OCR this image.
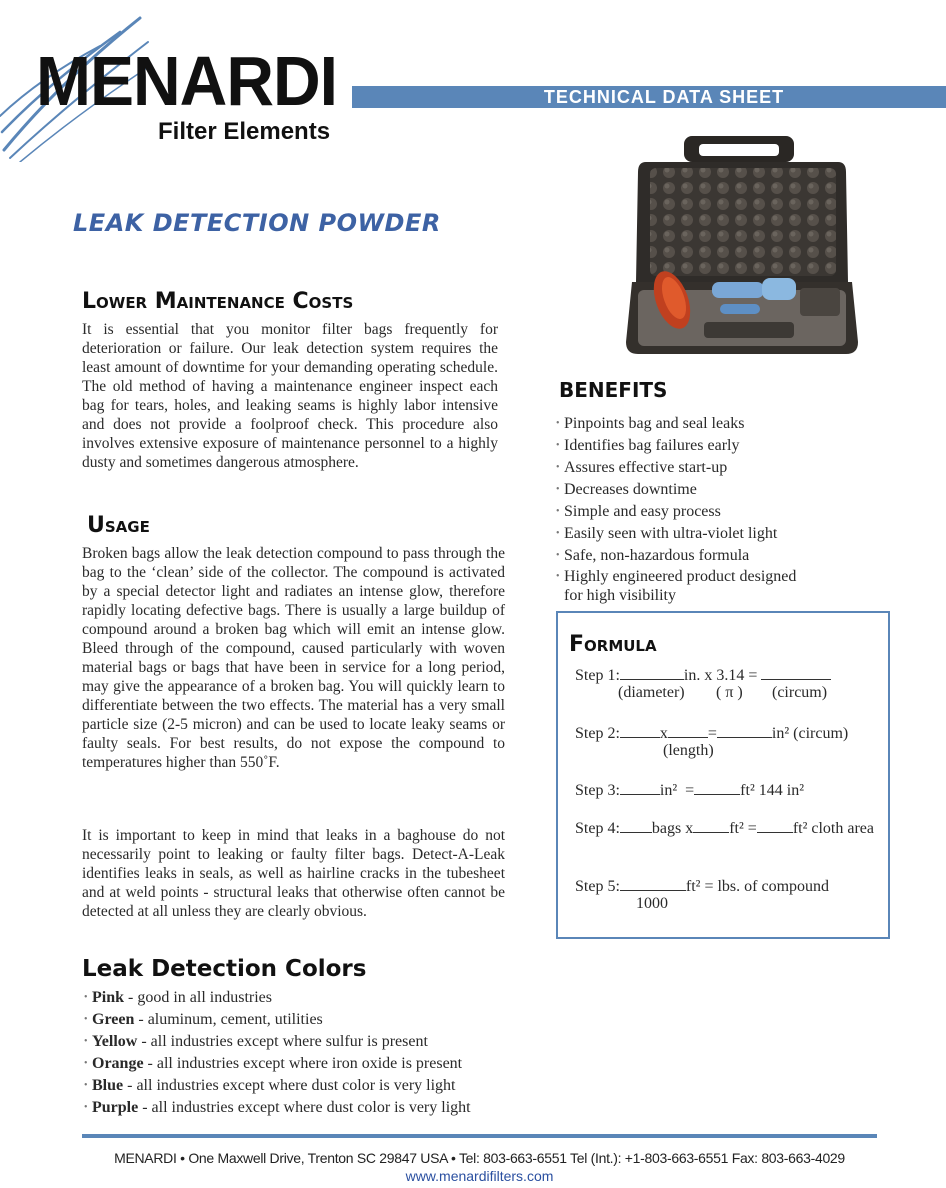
MENARDI
Filter Elements
TECHNICAL DATA SHEET
LEAK DETECTION POWDER
Lower Maintenance Costs
It is essential that you monitor filter bags frequently for deterioration or failure. Our leak detection system requires the least amount of downtime for your demanding operating schedule. The old method of having a maintenance engineer inspect each bag for tears, holes, and leaking seams is highly labor intensive and does not provide a foolproof check. This procedure also involves extensive exposure of maintenance personnel to a highly dusty and sometimes dangerous atmosphere.
Usage
Broken bags allow the leak detection compound to pass through the bag to the ‘clean’ side of the collector. The compound is activated by a special detector light and radiates an intense glow, therefore rapidly locating defective bags. There is usually a large buildup of compound around a broken bag which will emit an intense glow. Bleed through of the compound, caused particularly with woven material bags or bags that have been in service for a long period, may give the appearance of a broken bag. You will quickly learn to differentiate between the two effects. The material has a very small particle size (2-5 micron) and can be used to locate leaky seams or faulty seals. For best results, do not expose the compound to temperatures higher than 550˚F.
It is important to keep in mind that leaks in a baghouse do not necessarily point to leaking or faulty filter bags. Detect-A-Leak identifies leaks in seals, as well as hairline cracks in the tubesheet and at weld points - structural leaks that otherwise often cannot be detected at all unless they are clearly obvious.
Leak Detection Colors
• Pink - good in all industries
• Green - aluminum, cement, utilities
• Yellow - all industries except where sulfur is present
• Orange - all industries except where iron oxide is present
• Blue - all industries except where dust color is very light
• Purple - all industries except where dust color is very light
BENEFITS
• Pinpoints bag and seal leaks
• Identifies bag failures early
• Assures effective start-up
• Decreases downtime
• Simple and easy process
• Easily seen with ultra-violet light
• Safe, non-hazardous formula
• Highly engineered product designed
for high visibility
Formula
Step 1:	in. x 3.14 =
(diameter) ( π ) (circum)
Step 2:	x	=	in² (circum)
(length)
Step 3:	in² =	ft² 144 in²
Step 4: bags x ft² = ft² cloth area
Step 5:	ft² = lbs. of compound
1000
MENARDI • One Maxwell Drive, Trenton SC 29847 USA • Tel: 803-663-6551 Tel (Int.): +1-803-663-6551 Fax: 803-663-4029
www.menardifilters.com
